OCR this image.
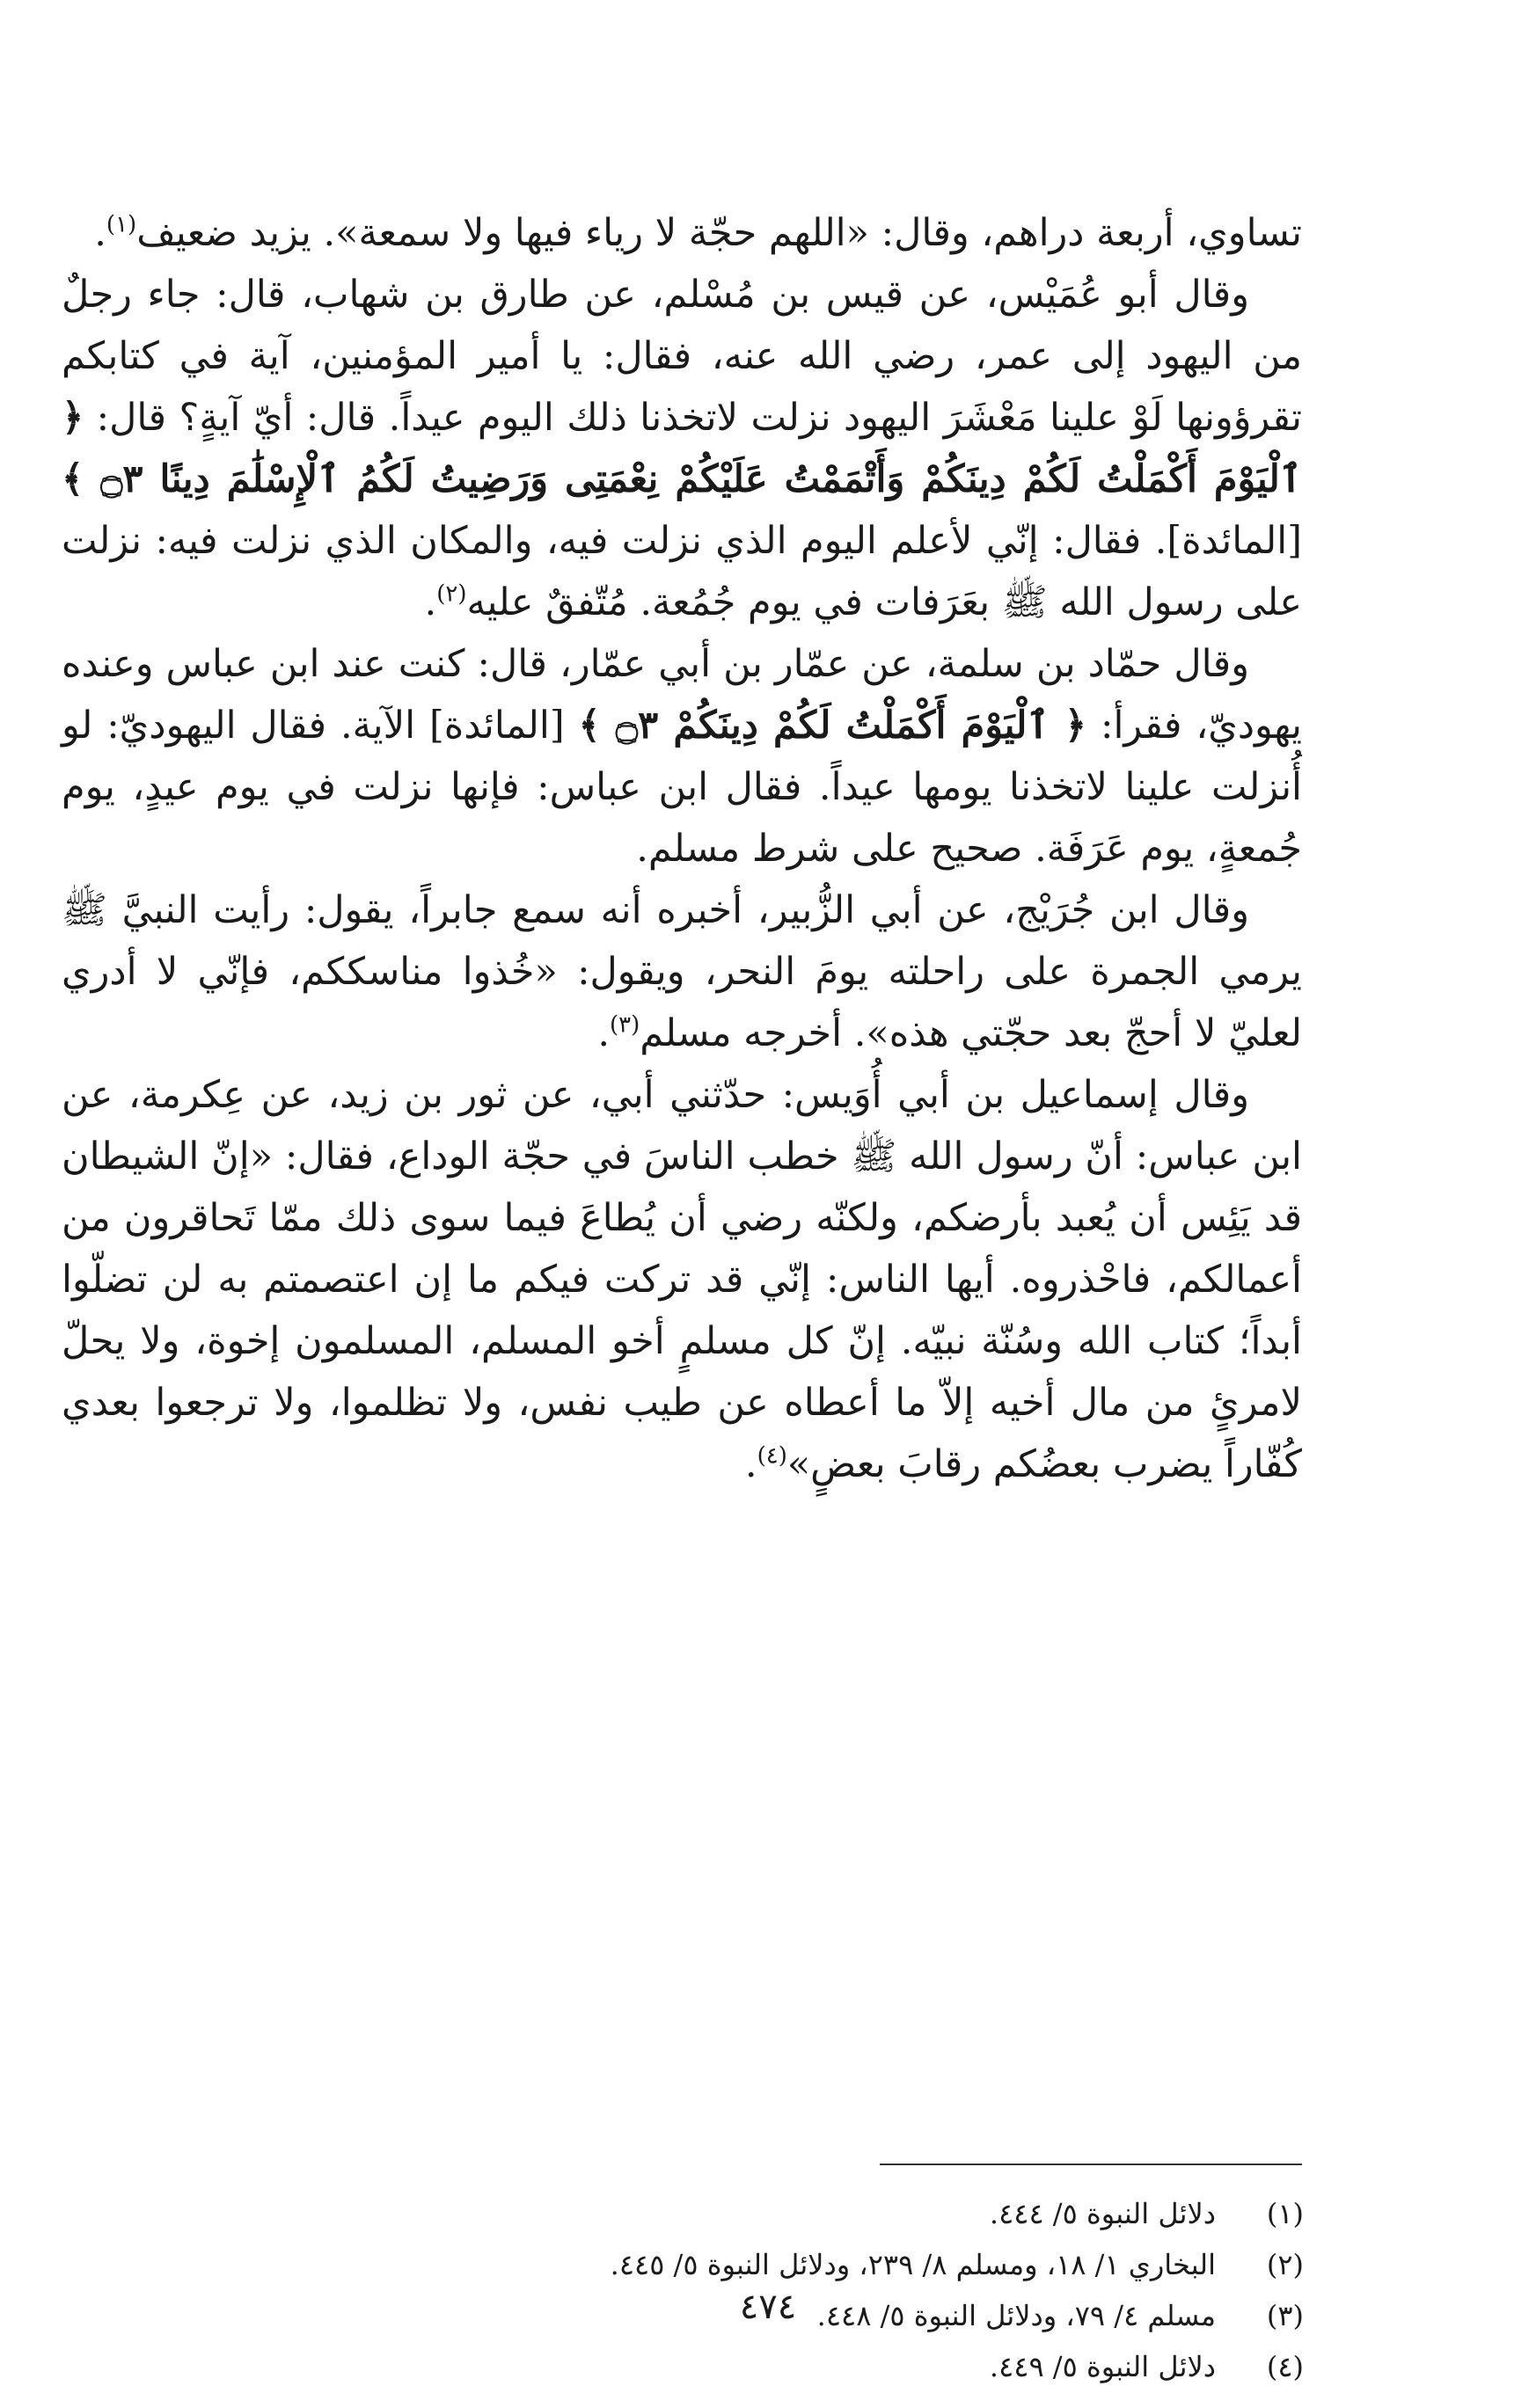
تساوي، أربعة دراهم، وقال: «اللهم حجّة لا رياء فيها ولا سمعة». يزيد ضعيف$^{(١)}$.

وقال أبو عُمَيْس، عن قيس بن مُسْلم، عن طارق بن شهاب، قال: جاء رجلٌ من اليهود إلى عمر، رضي الله عنه، فقال: يا أمير المؤمنين، آية في كتابكم تقرؤونها لَوْ علينا مَعْشَرَ اليهود نزلت لاتخذنا ذلك اليوم عيداً. قال: أيّ آيةٍ؟ قال: ﴿ ٱلْيَوْمَ أَكْمَلْتُ لَكُمْ دِينَكُمْ وَأَتْمَمْتُ عَلَيْكُمْ نِعْمَتِى وَرَضِيتُ لَكُمُ ٱلْإِسْلَٰمَ دِينًا ۝٣ ﴾ [المائدة]. فقال: إنّي لأعلم اليوم الذي نزلت فيه، والمكان الذي نزلت فيه: نزلت على رسول الله ﷺ بعَرَفات في يوم جُمُعة. مُتّفقٌ عليه$^{(٢)}$.

وقال حمّاد بن سلمة، عن عمّار بن أبي عمّار، قال: كنت عند ابن عباس وعنده يهوديّ، فقرأ: ﴿ ٱلْيَوْمَ أَكْمَلْتُ لَكُمْ دِينَكُمْ ۝٣ ﴾ [المائدة] الآية. فقال اليهوديّ: لو أُنزلت علينا لاتخذنا يومها عيداً. فقال ابن عباس: فإنها نزلت في يوم عيدٍ، يوم جُمعةٍ، يوم عَرَفَة. صحيح على شرط مسلم.

وقال ابن جُرَيْج، عن أبي الزُّبير، أخبره أنه سمع جابراً، يقول: رأيت النبيَّ ﷺ يرمي الجمرة على راحلته يومَ النحر، ويقول: «خُذوا مناسككم، فإنّي لا أدري لعليّ لا أحجّ بعد حجّتي هذه». أخرجه مسلم$^{(٣)}$.

وقال إسماعيل بن أبي أُوَيس: حدّثني أبي، عن ثور بن زيد، عن عِكرمة، عن ابن عباس: أنّ رسول الله ﷺ خطب الناسَ في حجّة الوداع، فقال: «إنّ الشيطان قد يَئِس أن يُعبد بأرضكم، ولكنّه رضي أن يُطاعَ فيما سوى ذلك ممّا تَحاقرون من أعمالكم، فاحْذروه. أيها الناس: إنّي قد تركت فيكم ما إن اعتصمتم به لن تضلّوا أبداً؛ كتاب الله وسُنّة نبيّه. إنّ كل مسلمٍ أخو المسلم، المسلمون إخوة، ولا يحلّ لامرئٍ من مال أخيه إلاّ ما أعطاه عن طيب نفس، ولا تظلموا، ولا ترجعوا بعدي كُفّاراً يضرب بعضُكم رقابَ بعضٍ»$^{(٤)}$.

(١)
دلائل النبوة ٥/ ٤٤٤.
(٢)
البخاري ١/ ١٨، ومسلم ٨/ ٢٣٩، ودلائل النبوة ٥/ ٤٤٥.
(٣)
مسلم ٤/ ٧٩، ودلائل النبوة ٥/ ٤٤٨.
(٤)
دلائل النبوة ٥/ ٤٤٩.
٤٧٤
